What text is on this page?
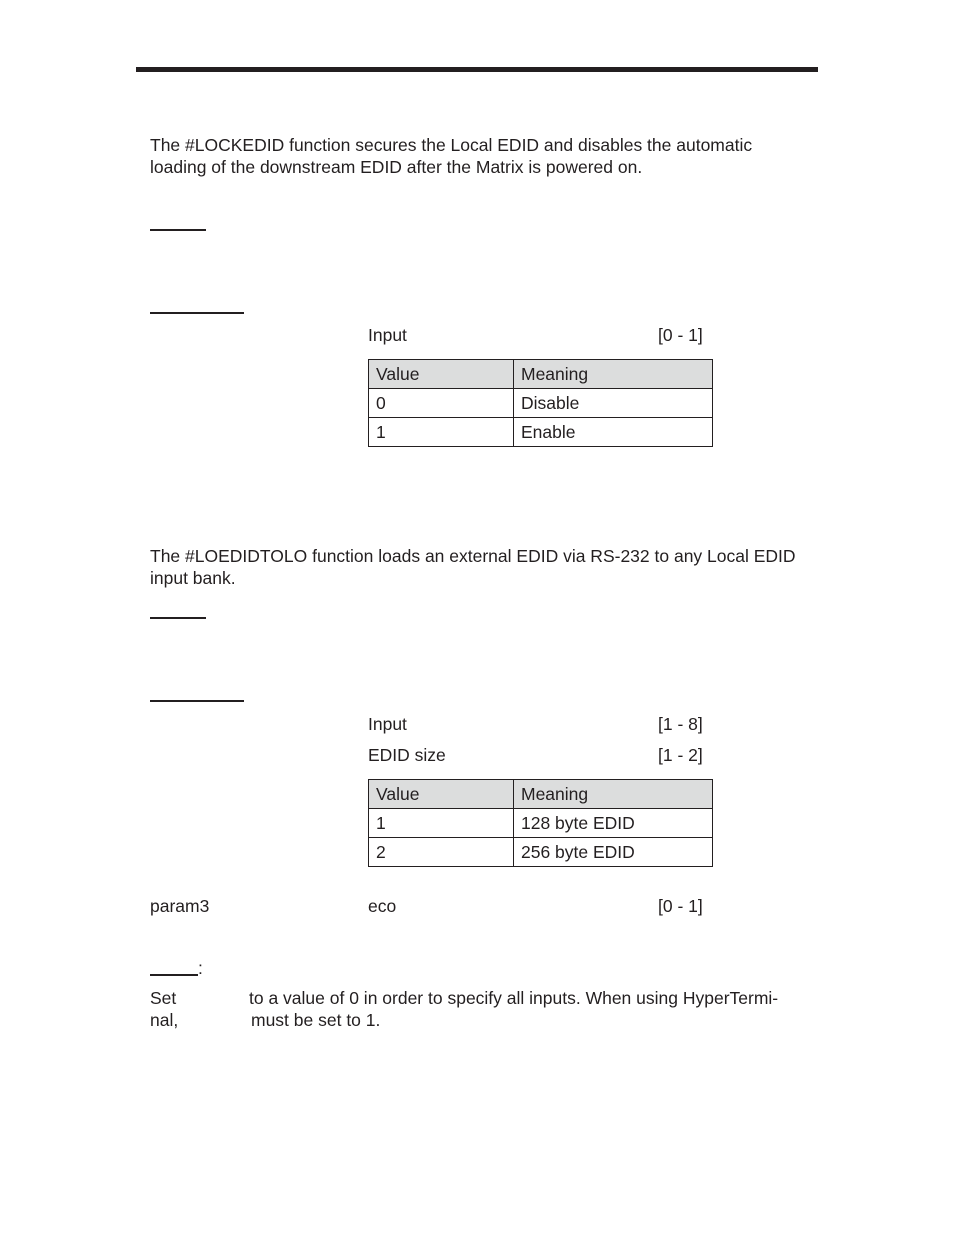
The #LOCKEDID function secures the Local EDID and disables the automatic loading of the downstream EDID after the Matrix is powered on.

Input	[0 - 1]
Value	Meaning
0	Disable
1	Enable

The #LOEDIDTOLO function loads an external EDID via RS-232 to any Local EDID input bank.

Input	[1 - 8]
EDID size	[1 - 2]
Value	Meaning
1	128 byte EDID
2	256 byte EDID
param3	eco	[0 - 1]
:
Set	to a value of 0 in order to specify all inputs. When using HyperTermi-
nal,	must be set to 1.
